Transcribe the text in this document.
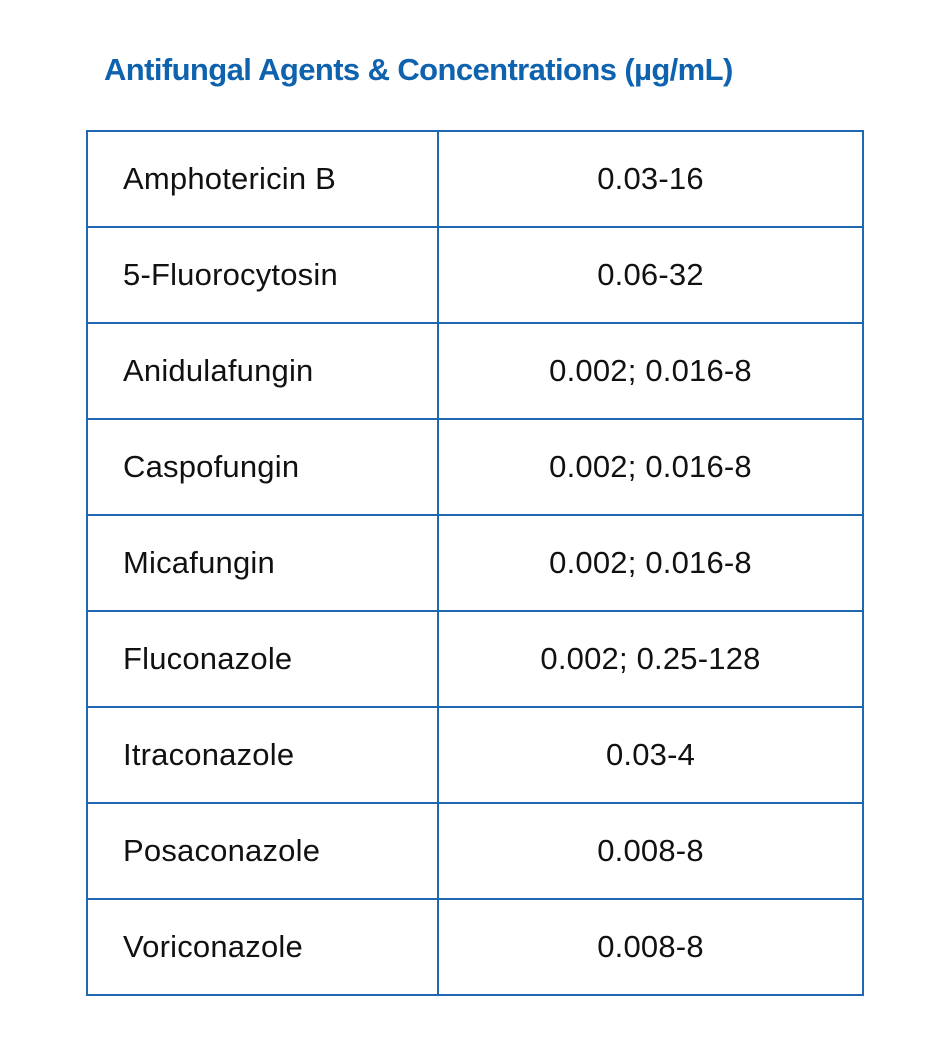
Antifungal Agents & Concentrations (µg/mL)
Amphotericin B	0.03-16
5-Fluorocytosin	0.06-32
Anidulafungin	0.002; 0.016-8
Caspofungin	0.002; 0.016-8
Micafungin	0.002; 0.016-8
Fluconazole	0.002; 0.25-128
Itraconazole	0.03-4
Posaconazole	0.008-8
Voriconazole	0.008-8
